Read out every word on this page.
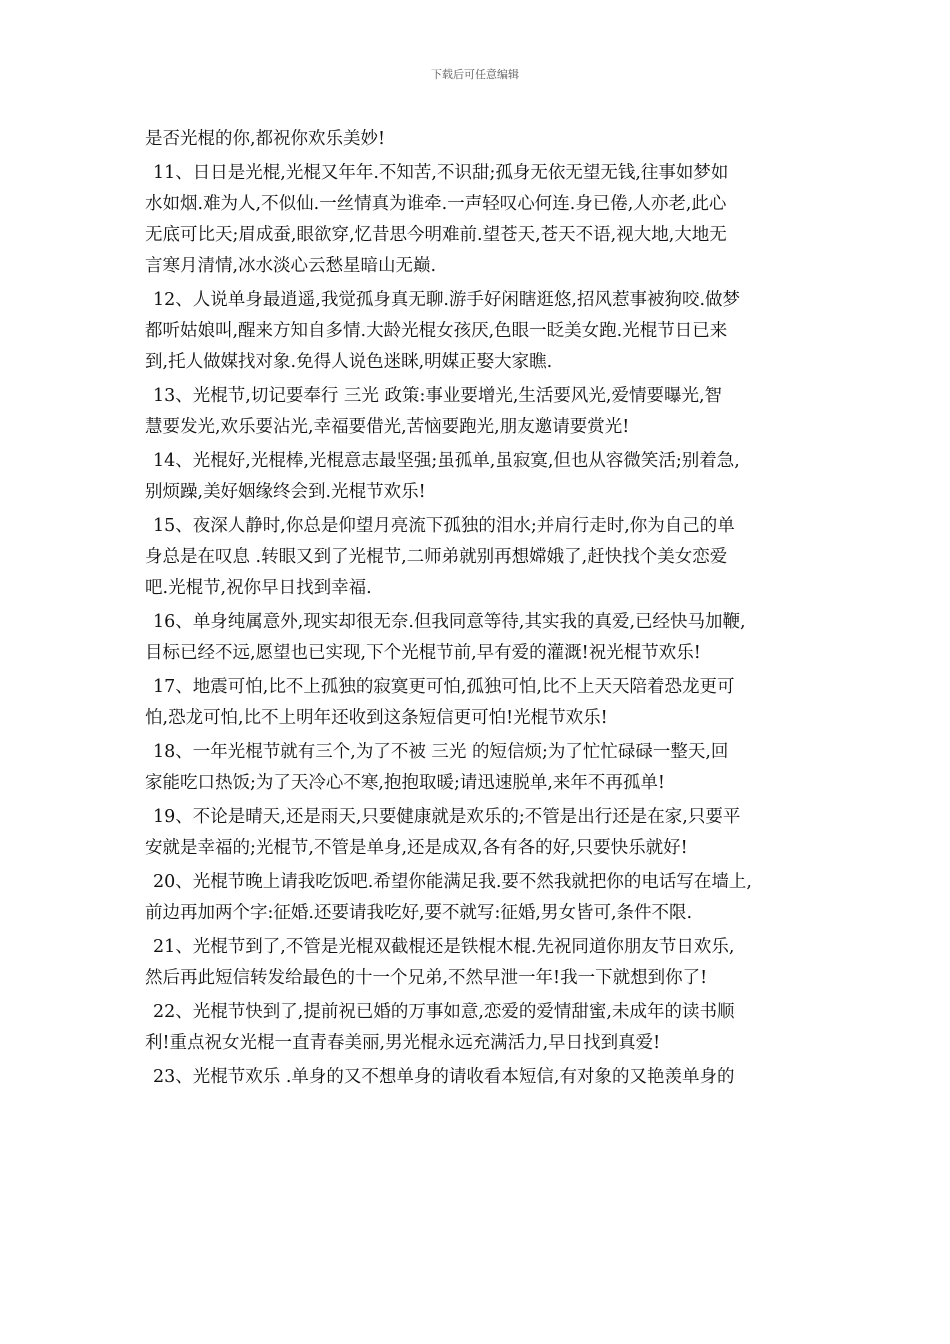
下载后可任意编辑
是否光棍的你,都祝你欢乐美妙!
11、日日是光棍,光棍又年年.不知苦,不识甜;孤身无依无望无钱,往事如梦如
水如烟.难为人,不似仙.一丝情真为谁牵.一声轻叹心何连.身已倦,人亦老,此心
无底可比天;眉成蚕,眼欲穿,忆昔思今明难前.望苍天,苍天不语,视大地,大地无
言寒月清情,冰水淡心云愁星暗山无巅.
12、人说单身最逍遥,我觉孤身真无聊.游手好闲瞎逛悠,招风惹事被狗咬.做梦
都听姑娘叫,醒来方知自多情.大龄光棍女孩厌,色眼一眨美女跑.光棍节日已来
到,托人做媒找对象.免得人说色迷眯,明媒正娶大家瞧.
13、光棍节,切记要奉行 三光 政策:事业要增光,生活要风光,爱情要曝光,智
慧要发光,欢乐要沾光,幸福要借光,苦恼要跑光,朋友邀请要赏光!
14、光棍好,光棍棒,光棍意志最坚强;虽孤单,虽寂寞,但也从容微笑活;别着急,
别烦躁,美好姻缘终会到.光棍节欢乐!
15、夜深人静时,你总是仰望月亮流下孤独的泪水;并肩行走时,你为自己的单
身总是在叹息 .转眼又到了光棍节,二师弟就别再想嫦娥了,赶快找个美女恋爱
吧.光棍节,祝你早日找到幸福.
16、单身纯属意外,现实却很无奈.但我同意等待,其实我的真爱,已经快马加鞭,
目标已经不远,愿望也已实现,下个光棍节前,早有爱的灌溉!祝光棍节欢乐!
17、地震可怕,比不上孤独的寂寞更可怕,孤独可怕,比不上天天陪着恐龙更可
怕,恐龙可怕,比不上明年还收到这条短信更可怕!光棍节欢乐!
18、一年光棍节就有三个,为了不被 三光 的短信烦;为了忙忙碌碌一整天,回
家能吃口热饭;为了天冷心不寒,抱抱取暖;请迅速脱单,来年不再孤单!
19、不论是晴天,还是雨天,只要健康就是欢乐的;不管是出行还是在家,只要平
安就是幸福的;光棍节,不管是单身,还是成双,各有各的好,只要快乐就好!
20、光棍节晚上请我吃饭吧.希望你能满足我.要不然我就把你的电话写在墙上,
前边再加两个字:征婚.还要请我吃好,要不就写:征婚,男女皆可,条件不限.
21、光棍节到了,不管是光棍双截棍还是铁棍木棍.先祝同道你朋友节日欢乐,
然后再此短信转发给最色的十一个兄弟,不然早泄一年!我一下就想到你了!
22、光棍节快到了,提前祝已婚的万事如意,恋爱的爱情甜蜜,未成年的读书顺
利!重点祝女光棍一直青春美丽,男光棍永远充满活力,早日找到真爱!
23、光棍节欢乐 .单身的又不想单身的请收看本短信,有对象的又艳羡单身的
